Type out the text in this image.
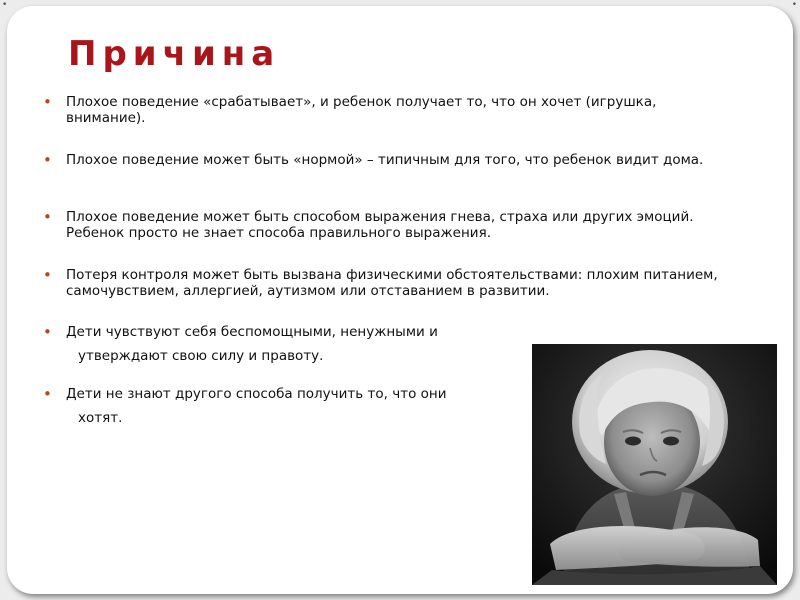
•	•
Причина
• Плохое поведение «срабатывает», и ребенок получает то, что он хочет (игрушка, внимание).
• Плохое поведение может быть «нормой» – типичным для того, что ребенок видит дома.
• Плохое поведение может быть способом выражения гнева, страха или других эмоций. Ребенок просто не знает способа правильного выражения.
• Потеря контроля может быть вызвана физическими обстоятельствами: плохим питанием, самочувствием, аллергией, аутизмом или отставанием в развитии.
• Дети чувствуют себя беспомощными, ненужными и
утверждают свою силу и правоту.
• Дети не знают другого способа получить то, что они
хотят.
